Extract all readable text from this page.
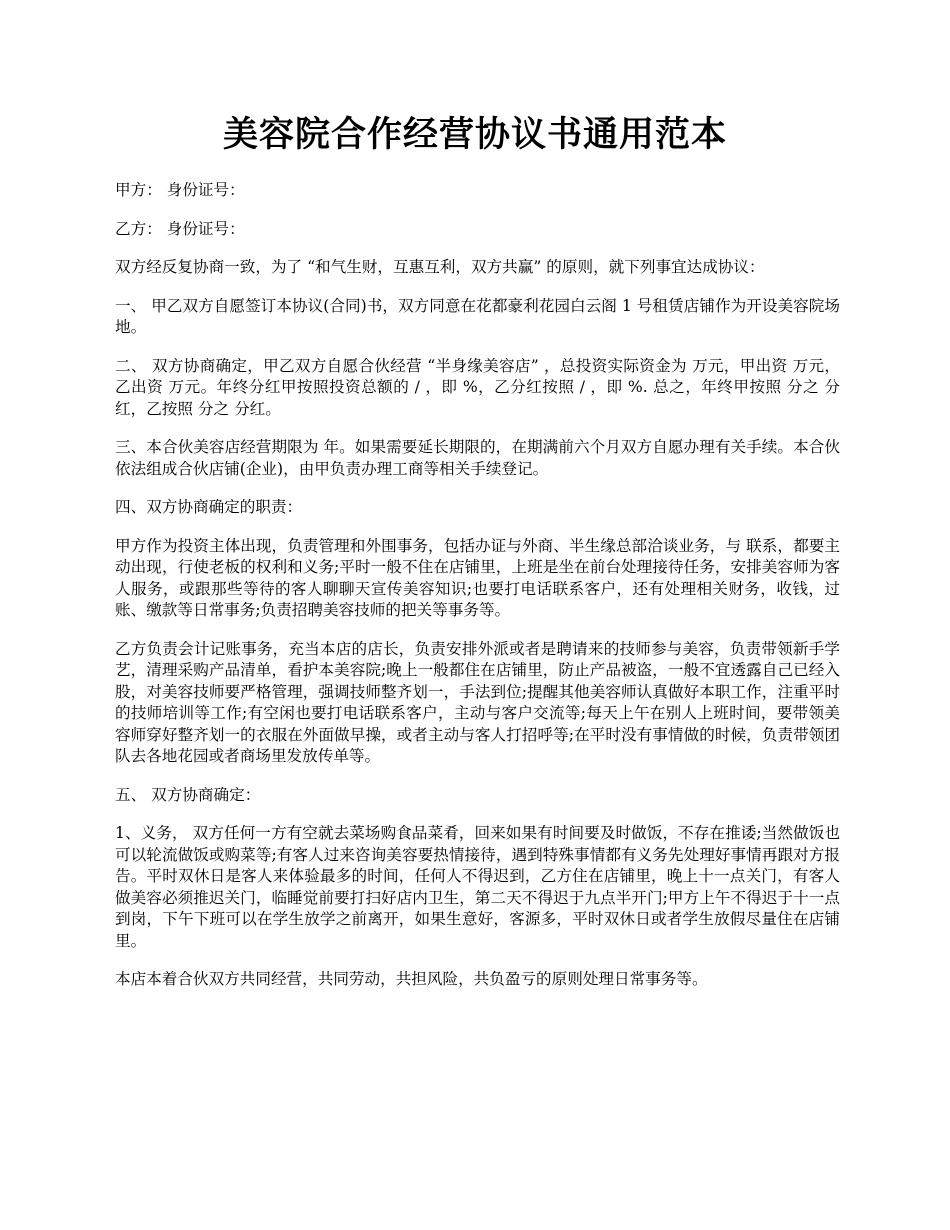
美容院合作经营协议书通用范本

甲方： 身份证号：

乙方： 身份证号：

双方经反复协商一致，为了 “和气生财，互惠互利，双方共赢” 的原则，就下列事宜达成协议：

一、 甲乙双方自愿签订本协议(合同)书，双方同意在花都豪利花园白云阁 1 号租赁店铺作为开设美容院场地。

二、 双方协商确定，甲乙双方自愿合伙经营 “半身缘美容店” ，总投资实际资金为 万元，甲出资 万元，乙出资 万元。年终分红甲按照投资总额的 / ，即 %，乙分红按照 / ，即 %. 总之，年终甲按照 分之 分红，乙按照 分之 分红。

三、本合伙美容店经营期限为 年。如果需要延长期限的，在期满前六个月双方自愿办理有关手续。本合伙依法组成合伙店铺(企业)，由甲负责办理工商等相关手续登记。

四、双方协商确定的职责：

甲方作为投资主体出现，负责管理和外围事务，包括办证与外商、半生缘总部洽谈业务，与 联系，都要主动出现，行使老板的权利和义务;平时一般不住在店铺里，上班是坐在前台处理接待任务，安排美容师为客人服务，或跟那些等待的客人聊聊天宣传美容知识;也要打电话联系客户，还有处理相关财务，收钱，过账、缴款等日常事务;负责招聘美容技师的把关等事务等。

乙方负责会计记账事务，充当本店的店长，负责安排外派或者是聘请来的技师参与美容，负责带领新手学艺，清理采购产品清单，看护本美容院;晚上一般都住在店铺里，防止产品被盗，一般不宜透露自己已经入股，对美容技师要严格管理，强调技师整齐划一，手法到位;提醒其他美容师认真做好本职工作，注重平时的技师培训等工作;有空闲也要打电话联系客户，主动与客户交流等;每天上午在别人上班时间，要带领美容师穿好整齐划一的衣服在外面做早操，或者主动与客人打招呼等;在平时没有事情做的时候，负责带领团队去各地花园或者商场里发放传单等。

五、 双方协商确定：

1、义务， 双方任何一方有空就去菜场购食品菜肴，回来如果有时间要及时做饭，不存在推诿;当然做饭也可以轮流做饭或购菜等;有客人过来咨询美容要热情接待，遇到特殊事情都有义务先处理好事情再跟对方报告。平时双休日是客人来体验最多的时间，任何人不得迟到，乙方住在店铺里，晚上十一点关门，有客人做美容必须推迟关门，临睡觉前要打扫好店内卫生，第二天不得迟于九点半开门;甲方上午不得迟于十一点到岗，下午下班可以在学生放学之前离开，如果生意好，客源多，平时双休日或者学生放假尽量住在店铺里。

本店本着合伙双方共同经营，共同劳动，共担风险，共负盈亏的原则处理日常事务等。
